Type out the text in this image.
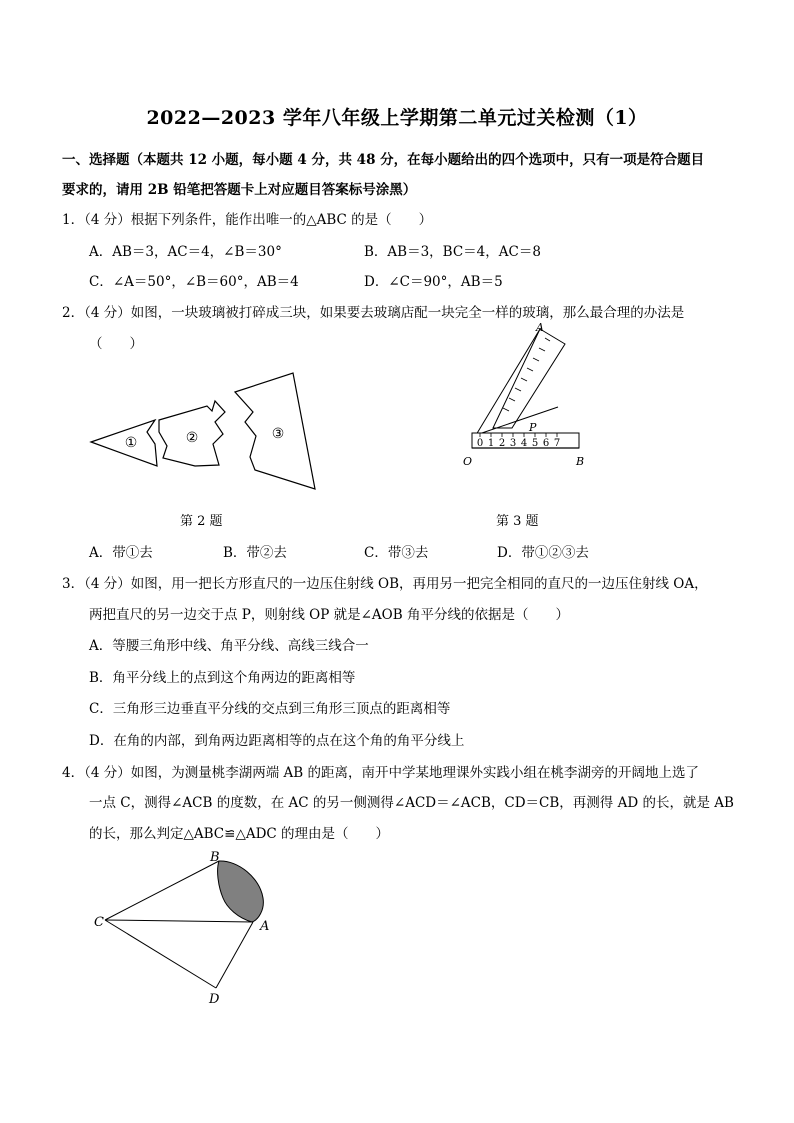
2022—2023 学年八年级上学期第二单元过关检测（1）
一、选择题（本题共 12 小题，每小题 4 分，共 48 分，在每小题给出的四个选项中，只有一项是符合题目
要求的，请用 2B 铅笔把答题卡上对应题目答案标号涂黑）
1．（4 分）根据下列条件，能作出唯一的△ABC 的是（　　）
A．AB＝3，AC＝4，∠B＝30°	B．AB＝3，BC＝4，AC＝8
C．∠A＝50°，∠B＝60°，AB＝4	D．∠C＝90°，AB＝5
2．（4 分）如图，一块玻璃被打碎成三块，如果要去玻璃店配一块完全一样的玻璃，那么最合理的办法是
（　　）
①	②	③
第 2 题
0 1 2 3 4 5 6 7
A
P
O	B
第 3 题
A．带①去	B．带②去	C．带③去	D．带①②③去
3．（4 分）如图，用一把长方形直尺的一边压住射线 OB，再用另一把完全相同的直尺的一边压住射线 OA，
两把直尺的另一边交于点 P，则射线 OP 就是∠AOB 角平分线的依据是（　　）
A．等腰三角形中线、角平分线、高线三线合一
B．角平分线上的点到这个角两边的距离相等
C．三角形三边垂直平分线的交点到三角形三顶点的距离相等
D．在角的内部，到角两边距离相等的点在这个角的角平分线上
4．（4 分）如图，为测量桃李湖两端 AB 的距离，南开中学某地理课外实践小组在桃李湖旁的开阔地上选了
一点 C，测得∠ACB 的度数，在 AC 的另一侧测得∠ACD＝∠ACB，CD＝CB，再测得 AD 的长，就是 AB
的长，那么判定△ABC≌△ADC 的理由是（　　）
B
C	A
D
